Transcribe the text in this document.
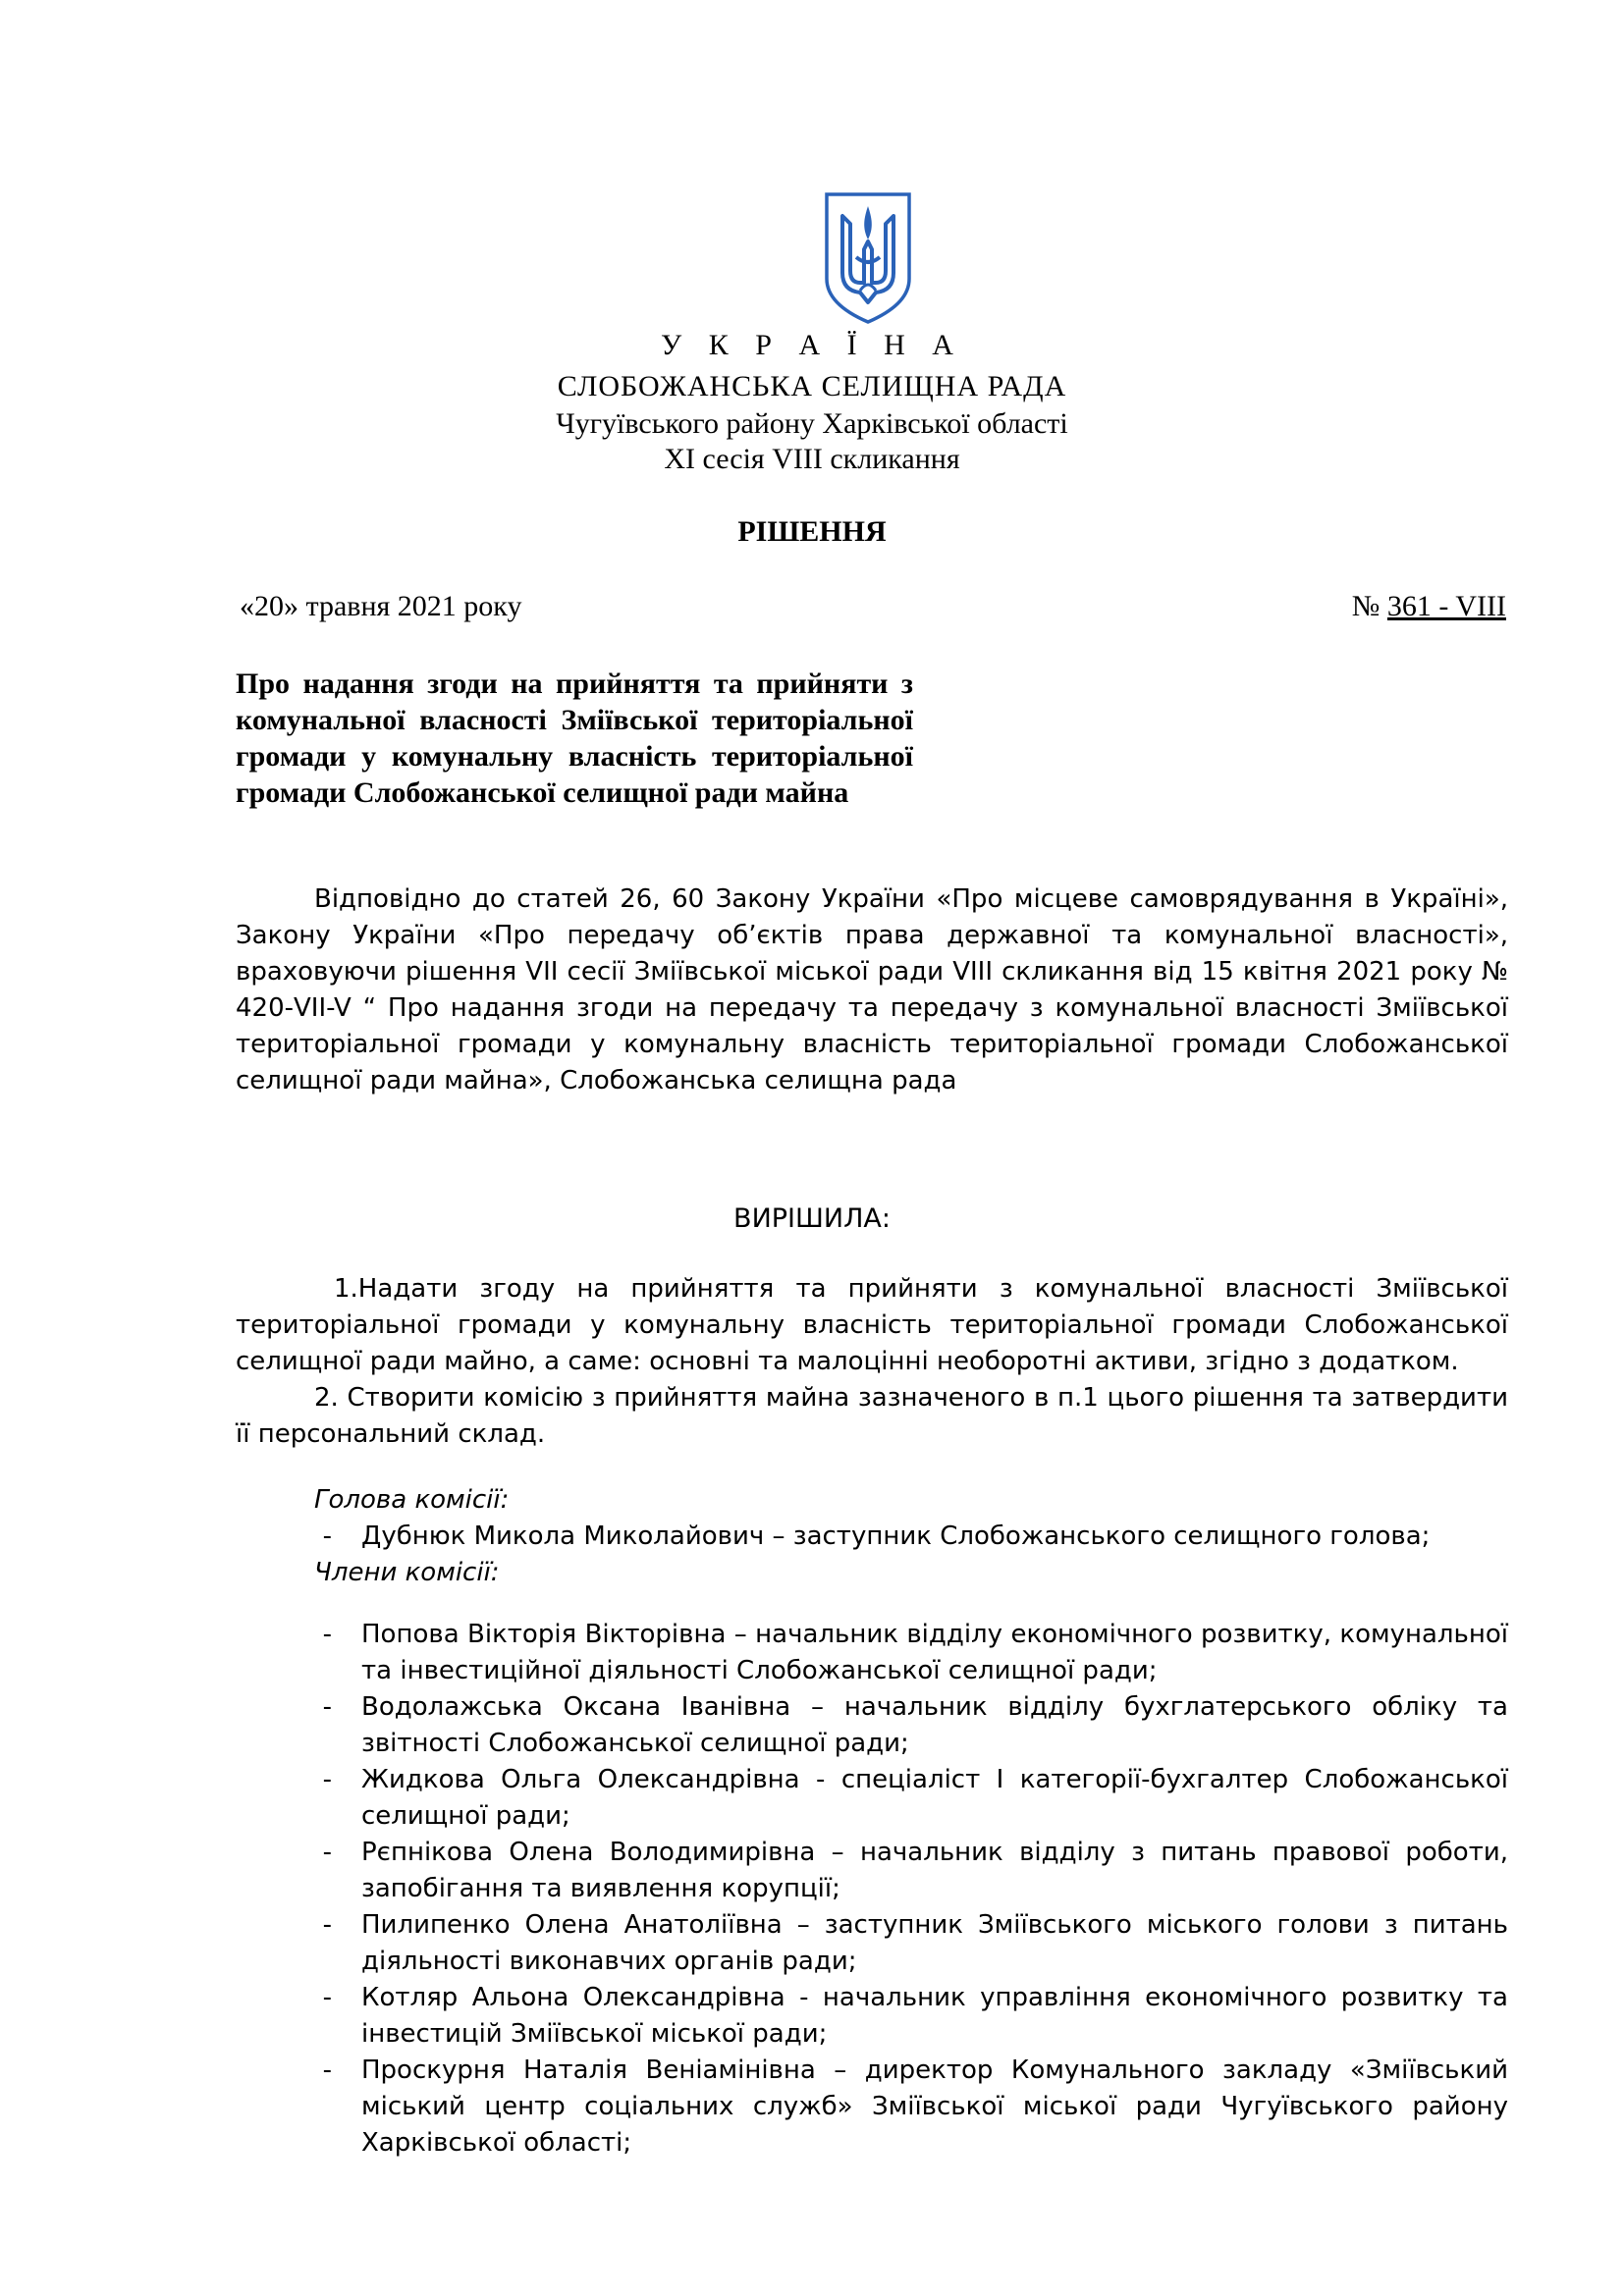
У К Р А Ї Н А
СЛОБОЖАНСЬКА СЕЛИЩНА РАДА
Чугуївського району Харківської області
XI сесія VIII скликання
РІШЕННЯ
«20» травня 2021 року	№ 361 - VIII
Про надання згоди на прийняття та прийняти з комунальної власності Зміївської територіальної громади у комунальну власність територіальної громади Слобожанської селищної ради майна

Відповідно до статей 26, 60 Закону України «Про місцеве самоврядування в Україні», Закону України «Про передачу об’єктів права державної та комунальної власності», враховуючи рішення VII сесії Зміївської міської ради VIII скликання від 15 квітня 2021 року № 420-VII-V “ Про надання згоди на передачу та передачу з комунальної власності Зміївської територіальної громади у комунальну власність територіальної громади Слобожанської селищної ради майна», Слобожанська селищна рада

ВИРІШИЛА:

1.Надати згоду на прийняття та прийняти з комунальної власності Зміївської територіальної громади у комунальну власність територіальної громади Слобожанської селищної ради майно, а саме: основні та малоцінні необоротні активи, згідно з додатком.

2. Створити комісію з прийняття майна зазначеного в п.1 цього рішення та затвердити її персональний склад.

Голова комісії:

-	Дубнюк Микола Миколайович – заступник Слобожанського селищного голова;

Члени комісії:

-	Попова Вікторія Вікторівна – начальник відділу економічного розвитку, комунальної та інвестиційної діяльності Слобожанської селищної ради;
-	Водолажська Оксана Іванівна – начальник відділу бухглатерського обліку та звітності Слобожанської селищної ради;
-	Жидкова Ольга Олександрівна - спеціаліст І категорії-бухгалтер Слобожанської селищної ради;
-	Рєпнікова Олена Володимирівна – начальник відділу з питань правової роботи, запобігання та виявлення корупції;
-	Пилипенко Олена Анатоліївна – заступник Зміївського міського голови з питань діяльності виконавчих органів ради;
-	Котляр Альона Олександрівна - начальник управління економічного розвитку та інвестицій Зміївської міської ради;
-	Проскурня Наталія Веніамінівна – директор Комунального закладу «Зміївський міський центр соціальних служб» Зміївської міської ради Чугуївського району Харківської області;
